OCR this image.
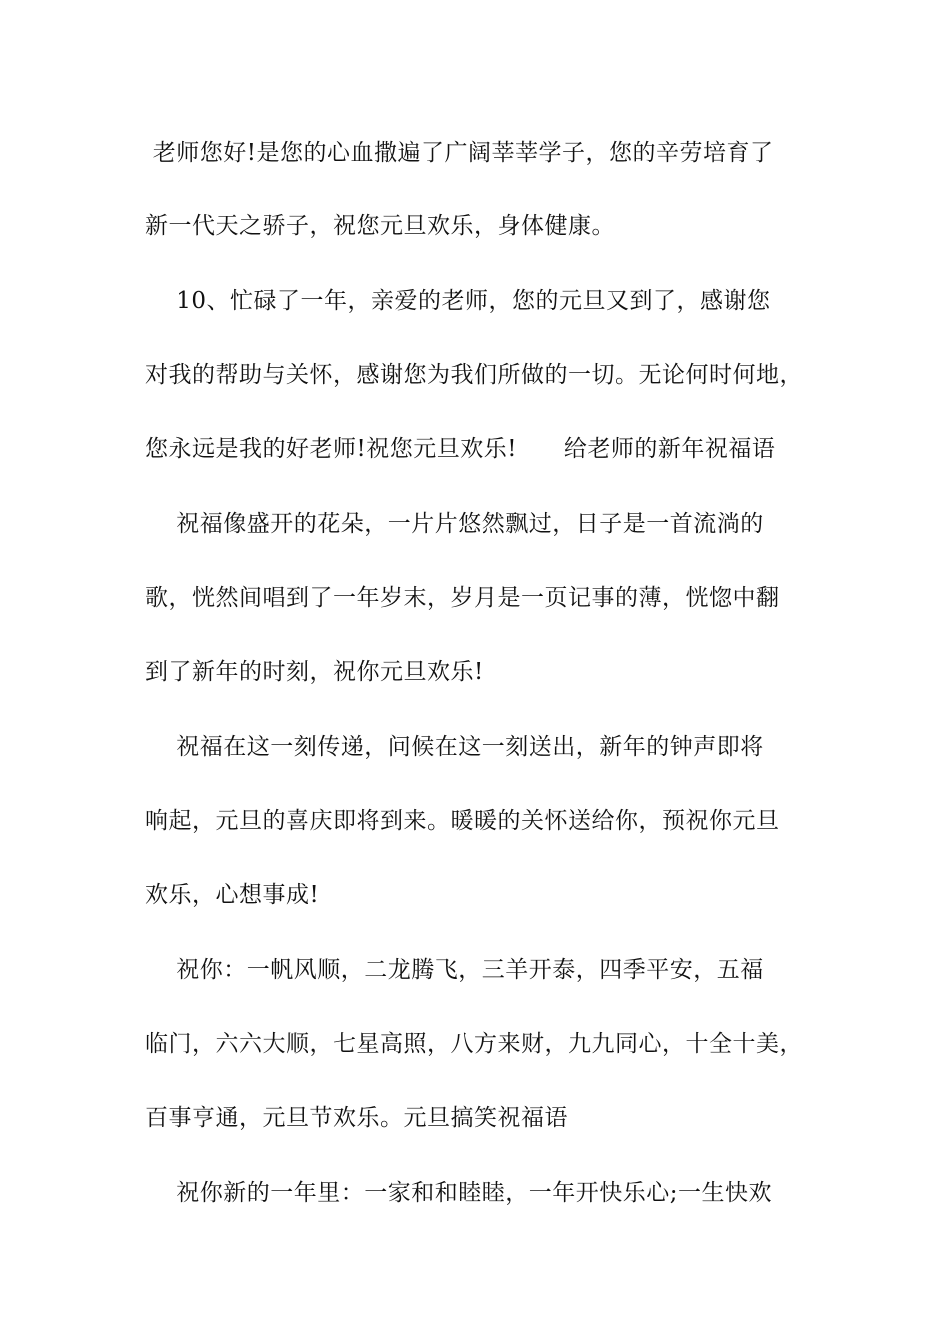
老师您好!是您的心血撒遍了广阔莘莘学子，您的辛劳培育了
新一代天之骄子，祝您元旦欢乐，身体健康。
10、忙碌了一年，亲爱的老师，您的元旦又到了，感谢您
对我的帮助与关怀，感谢您为我们所做的一切。无论何时何地，
您永远是我的好老师!祝您元旦欢乐!      给老师的新年祝福语
祝福像盛开的花朵，一片片悠然飘过，日子是一首流淌的
歌，恍然间唱到了一年岁末，岁月是一页记事的薄，恍惚中翻
到了新年的时刻，祝你元旦欢乐!
祝福在这一刻传递，问候在这一刻送出，新年的钟声即将
响起，元旦的喜庆即将到来。暖暖的关怀送给你，预祝你元旦
欢乐，心想事成!
祝你：一帆风顺，二龙腾飞，三羊开泰，四季平安，五福
临门，六六大顺，七星高照，八方来财，九九同心，十全十美，
百事亨通，元旦节欢乐。元旦搞笑祝福语
祝你新的一年里：一家和和睦睦，一年开快乐心;一生快欢
